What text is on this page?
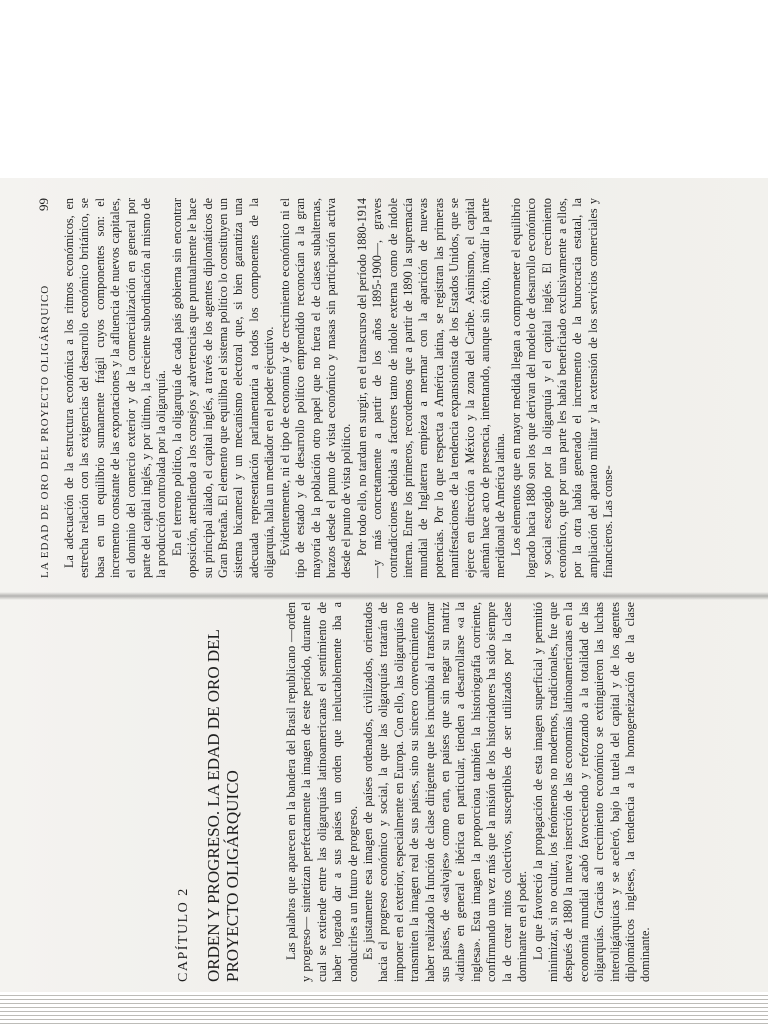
LA EDAD DE ORO DEL PROYECTO OLIGÁRQUICO
99 La adecuación de la estructura económica a los ritmos económicos, en estrecha relación con las exigencias del desarrollo económico británico, se basa en un equilibrio sumamente frágil cuyos componentes son: el incremento constante de las exportaciones y la afluencia de nuevos capitales, el dominio del comercio exterior y de la comercialización en general por parte del capital inglés, y por último, la creciente subordinación al mismo de la producción controlada por la oligarquía. En el terreno político, la oligarquía de cada país gobierna sin encontrar oposición, atendiendo a los consejos y advertencias que puntualmente le hace su principal aliado, el capital inglés, a través de los agentes diplomáticos de Gran Bretaña. El elemento que equilibra el sistema político lo constituyen un sistema bicameral y un mecanismo electoral que, si bien garantiza una adecuada representación parlamentaria a todos los componentes de la oligarquía, halla un mediador en el poder ejecutivo. Evidentemente, ni el tipo de economía y de crecimiento económico ni el tipo de estado y de desarrollo político emprendido reconocían a la gran mayoría de la población otro papel que no fuera el de clases subalternas, brazos desde el punto de vista económico y masas sin participación activa desde el punto de vista político. Por todo ello, no tardan en surgir, en el transcurso del período 1880-1914 —y más concretamente a partir de los años 1895-1900—, graves contradicciones debidas a factores tanto de índole externa como de índole interna. Entre los primeros, recordemos que a partir de 1890 la supremacía mundial de Inglaterra empieza a mermar con la aparición de nuevas potencias. Por lo que respecta a América latina, se registran las primeras manifestaciones de la tendencia expansionista de los Estados Unidos, que se ejerce en dirección a México y la zona del Caribe. Asimismo, el capital alemán hace acto de presencia, intentando, aunque sin éxito, invadir la parte meridional de América latina. Los elementos que en mayor medida llegan a comprometer el equilibrio logrado hacia 1880 son los que derivan del modelo de desarrollo económico y social escogido por la oligarquía y el capital inglés. El crecimiento económico, que por una parte les había beneficiado exclusivamente a ellos, por la otra había generado el incremento de la burocracia estatal, la ampliación del aparato militar y la extensión de los servicios comerciales y financieros. Las conse-

CAPÍTULO 2 ORDEN Y PROGRESO. LA EDAD DE ORO DEL PROYECTO OLIGÁRQUICO	Las palabras que aparecen en la bandera del Brasil republicano —orden y progreso— sintetizan perfectamente la imagen de este período, durante el cual se extiende entre las oligarquías latinoamericanas el sentimiento de haber logrado dar a sus países un orden que ineluctablemente iba a conducirles a un futuro de progreso. Es justamente esa imagen de países ordenados, civilizados, orientados hacia el progreso económico y social, la que las oligarquías tratarán de imponer en el exterior, especialmente en Europa. Con ello, las oligarquías no transmiten la imagen real de sus países, sino su sincero convencimiento de haber realizado la función de clase dirigente que les incumbía al transformar sus países, de «salvajes» como eran, en países que sin negar su matriz «latina» en general e ibérica en particular, tienden a desarrollarse «a la inglesa». Esta imagen la proporciona también la historiografía corriente, confirmando una vez más que la misión de los historiadores ha sido siempre la de crear mitos colectivos, susceptibles de ser utilizados por la clase dominante en el poder. Lo que favoreció la propagación de esta imagen superficial y permitió minimizar, si no ocultar, los fenómenos no modernos, tradicionales, fue que después de 1880 la nueva inserción de las economías latinoamericanas en la economía mundial acabó favoreciendo y reforzando a la totalidad de las oligarquías. Gracias al crecimiento económico se extinguieron las luchas interoligárquicas y se aceleró, bajo la tutela del capital y de los agentes diplomáticos ingleses, la tendencia a la homogeneización de la clase dominante.
